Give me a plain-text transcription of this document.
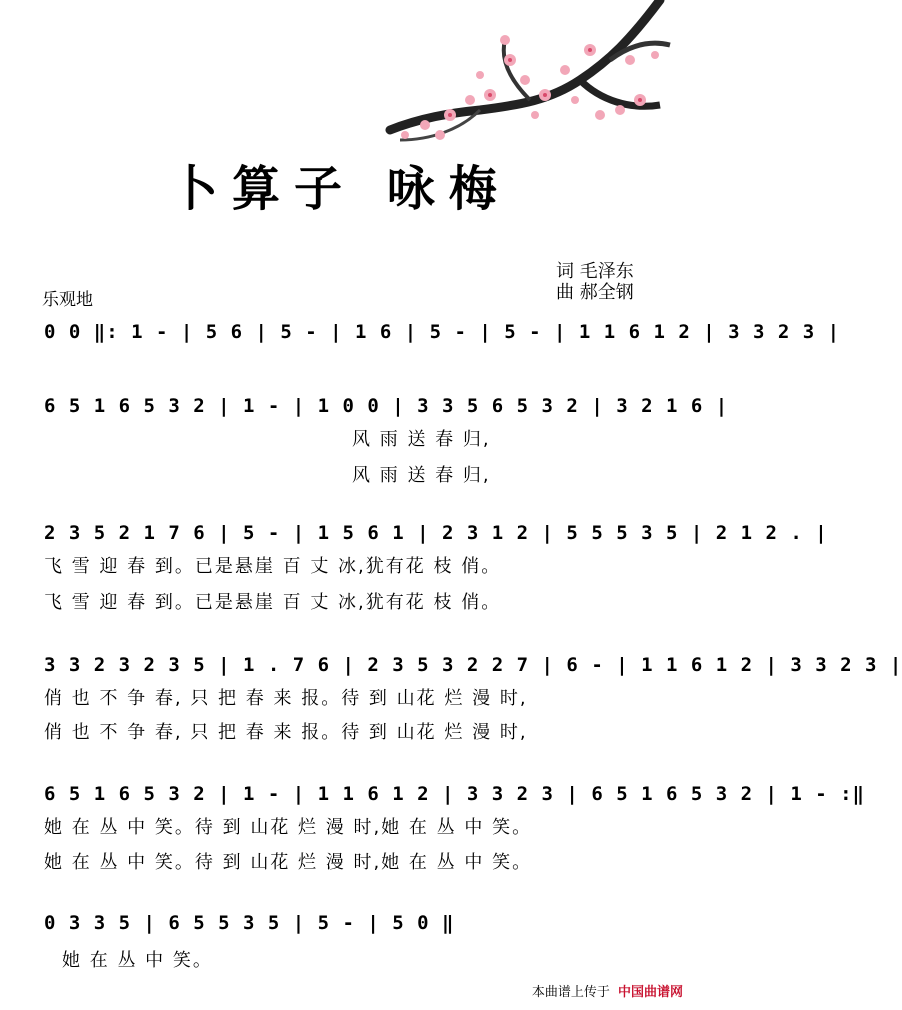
卜算子 咏梅
词 毛泽东
曲 郝全钢
乐观地
0 0 ‖: 1 - | 5 6 | 5 - | 1 6 | 5 - | 5 - | 1 1 6 1 2 | 3 3 2 3 |
6 5 1 6 5 3 2 | 1 - | 1 0 0 | 3 3 5 6 5 3 2 | 3 2 1 6 |
风 雨 送 春 归,
风 雨 送 春 归,
2 3 5 2 1 7 6 | 5 - | 1 5 6 1 | 2 3 1 2 | 5 5 5 3 5 | 2 1 2 . |
飞 雪 迎 春 到。已是悬崖 百 丈 冰,犹有花 枝 俏。
飞 雪 迎 春 到。已是悬崖 百 丈 冰,犹有花 枝 俏。
3 3 2 3 2 3 5 | 1 . 7 6 | 2 3 5 3 2 2 7 | 6 - | 1 1 6 1 2 | 3 3 2 3 |
俏 也 不 争 春, 只 把 春 来 报。待 到 山花 烂 漫 时,
俏 也 不 争 春, 只 把 春 来 报。待 到 山花 烂 漫 时,
6 5 1 6 5 3 2 | 1 - | 1 1 6 1 2 | 3 3 2 3 | 6 5 1 6 5 3 2 | 1 - :‖
她 在 丛 中 笑。待 到 山花 烂 漫 时,她 在 丛 中 笑。
她 在 丛 中 笑。待 到 山花 烂 漫 时,她 在 丛 中 笑。
0 3 3 5 | 6 5 5 3 5 | 5 - | 5 0 ‖
她 在 丛 中 笑。
本曲谱上传于 中国曲谱网
